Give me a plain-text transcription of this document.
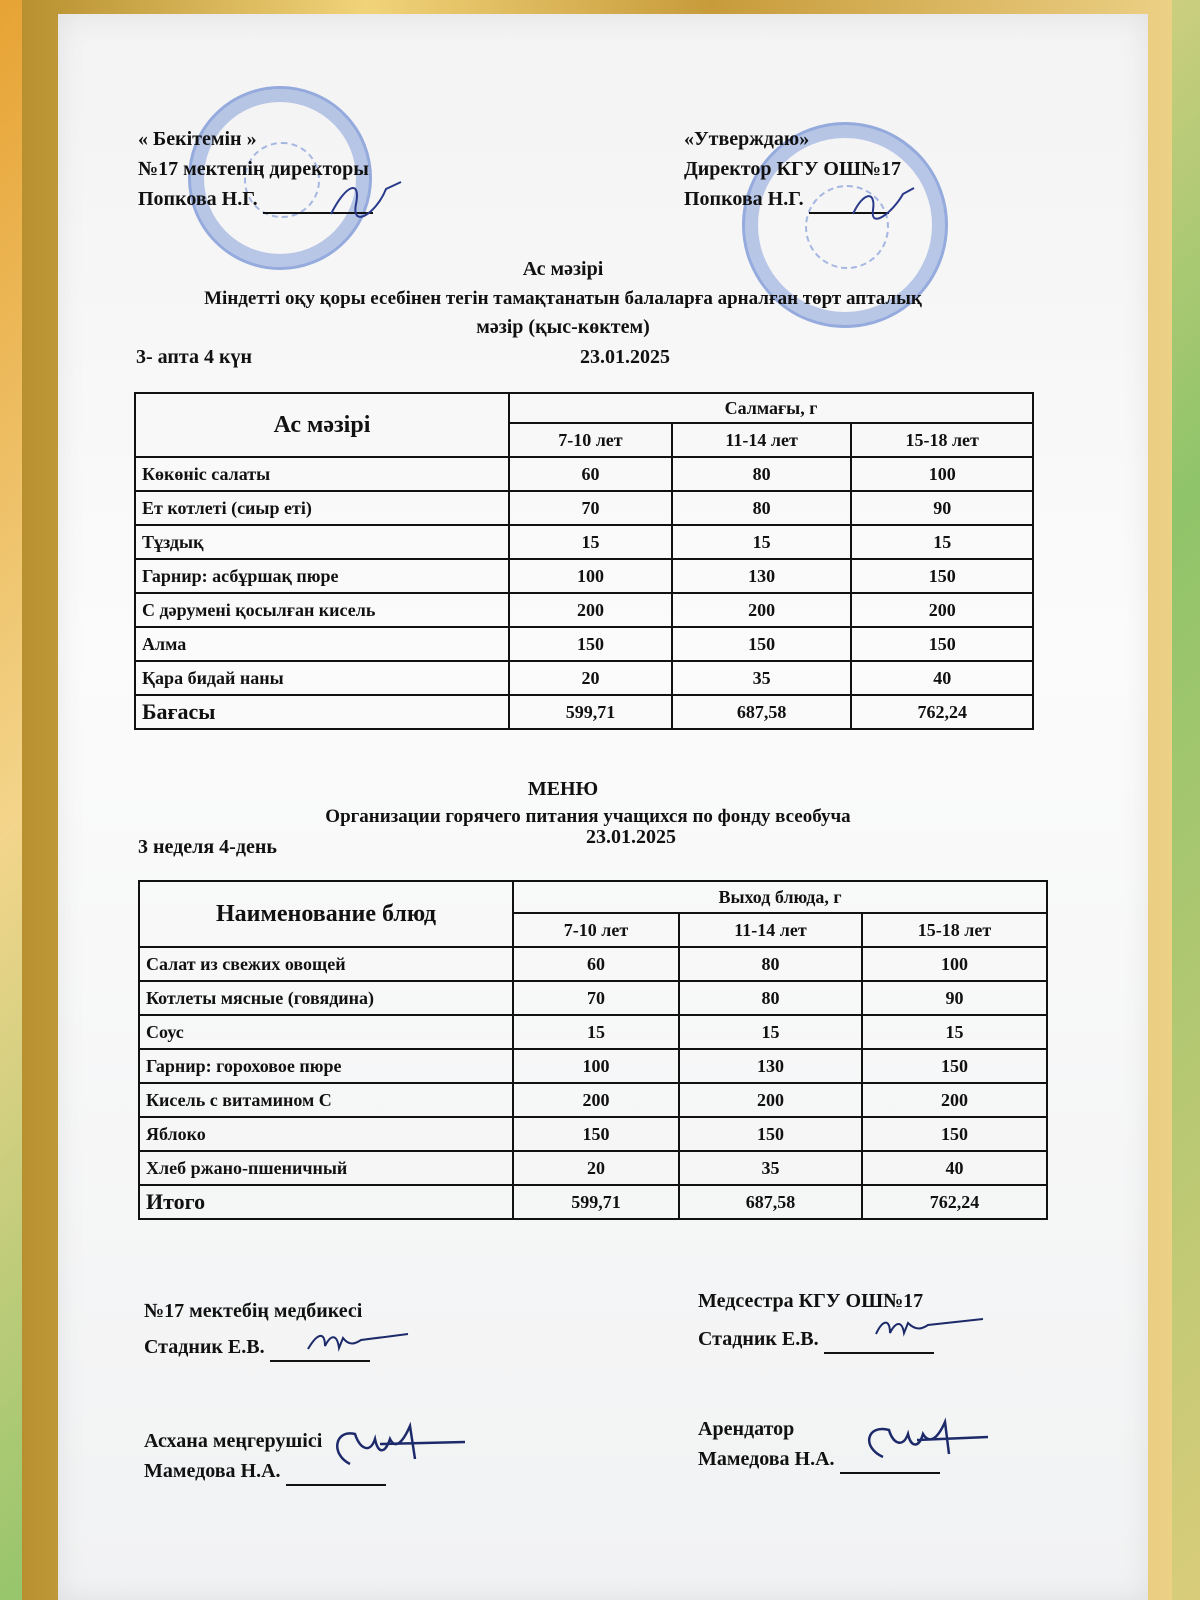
« Бекітемін »
№17 мектепің директоры
Попкова Н.Г.
«Утверждаю»
Директор КГУ ОШ№17
Попкова Н.Г.
Ас мәзірі
Міндетті оқу қоры есебінен тегін тамақтанатын балаларға арналған төрт апталық
мәзір (қыс-көктем)
3- апта 4 күн	23.01.2025
Ас мәзірі	Салмағы, г		
	7-10 лет	11-14 лет	15-18 лет
Көкөніс салаты	60	80	100
Ет котлеті (сиыр еті)	70	80	90
Тұздық	15	15	15
Гарнир: асбұршақ пюре	100	130	150
С дәрумені қосылған кисель	200	200	200
Алма	150	150	150
Қара бидай наны	20	35	40
Бағасы	599,71	687,58	762,24
МЕНЮ
Организации горячего питания учащихся по фонду всеобуча
3 неделя 4-день	23.01.2025
Наименование блюд	Выход блюда, г		
	7-10 лет	11-14 лет	15-18 лет
Салат из свежих овощей	60	80	100
Котлеты мясные (говядина)	70	80	90
Соус	15	15	15
Гарнир: гороховое пюре	100	130	150
Кисель с витамином С	200	200	200
Яблоко	150	150	150
Хлеб ржано-пшеничный	20	35	40
Итого	599,71	687,58	762,24
№17 мектебің медбикесі
Стадник Е.В.
Асхана меңгерушісі
Мамедова Н.А.
Медсестра КГУ ОШ№17
Стадник Е.В.
Арендатор
Мамедова Н.А.
